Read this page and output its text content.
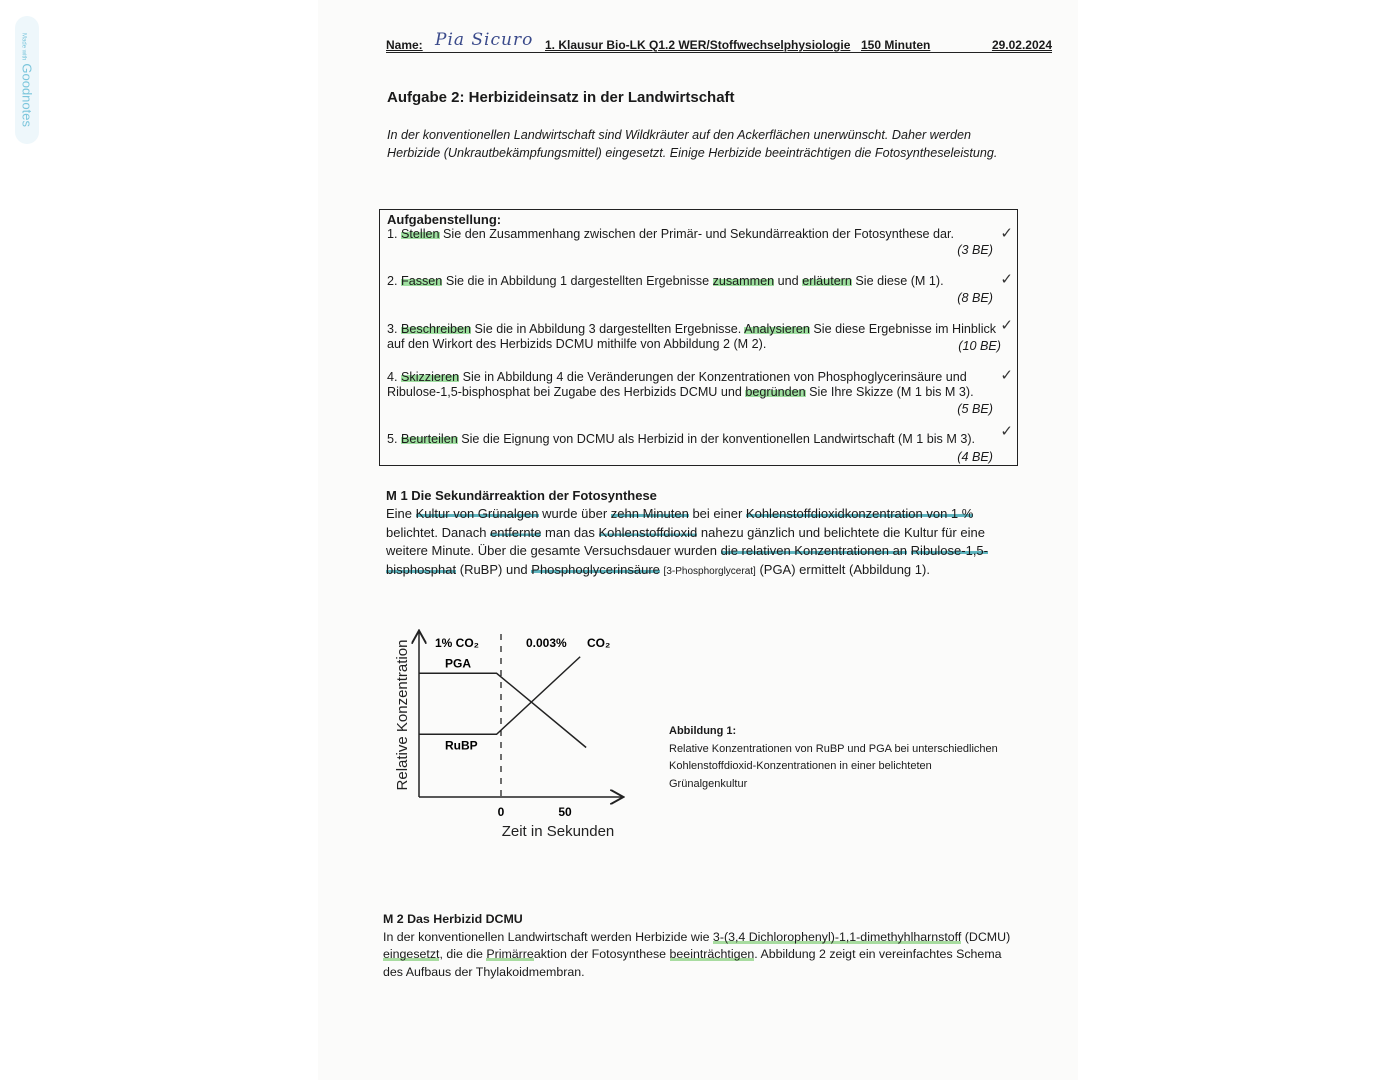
Made withGoodnotes
Name: Pia Sicuro 1. Klausur Bio-LK Q1.2 WER/Stoffwechselphysiologie 150 Minuten	29.02.2024
Aufgabe 2: Herbizideinsatz in der Landwirtschaft
In der konventionellen Landwirtschaft sind Wildkräuter auf den Ackerflächen unerwünscht. Daher werden Herbizide (Unkrautbekämpfungsmittel) eingesetzt. Einige Herbizide beeinträchtigen die Fotosyntheseleistung.
Aufgabenstellung:
1. Stellen Sie den Zusammenhang zwischen der Primär- und Sekundärreaktion der Fotosynthese dar.
(3 BE)
✓
2. Fassen Sie die in Abbildung 1 dargestellten Ergebnisse zusammen und erläutern Sie diese (M 1).
(8 BE)
✓
3. Beschreiben Sie die in Abbildung 3 dargestellten Ergebnisse. Analysieren Sie diese Ergebnisse im Hinblick auf den Wirkort des Herbizids DCMU mithilfe von Abbildung 2 (M 2).	(10 BE)
✓
4. Skizzieren Sie in Abbildung 4 die Veränderungen der Konzentrationen von Phosphoglycerinsäure und Ribulose-1,5-bisphosphat bei Zugabe des Herbizids DCMU und begründen Sie Ihre Skizze (M 1 bis M 3).
(5 BE)
✓
5. Beurteilen Sie die Eignung von DCMU als Herbizid in der konventionellen Landwirtschaft (M 1 bis M 3).
(4 BE)
✓
M 1 Die Sekundärreaktion der Fotosynthese
Eine Kultur von Grünalgen wurde über zehn Minuten bei einer Kohlenstoffdioxidkonzentration von 1 % belichtet. Danach entfernte man das Kohlenstoffdioxid nahezu gänzlich und belichtete die Kultur für eine weitere Minute. Über die gesamte Versuchsdauer wurden die relativen Konzentrationen an Ribulose-1,5-bisphosphat (RuBP) und Phosphoglycerinsäure [3-Phosphorglycerat] (PGA) ermittelt (Abbildung 1).
Relative Konzentration
Zeit in Sekunden
0	50
1% CO₂	0.003% CO₂
PGA
RuBP
Abbildung 1:
Relative Konzentrationen von RuBP und PGA bei unterschiedlichen
Kohlenstoffdioxid-Konzentrationen in einer belichteten
Grünalgenkultur
M 2 Das Herbizid DCMU
In der konventionellen Landwirtschaft werden Herbizide wie 3-(3,4 Dichlorophenyl)-1,1-dimethyhlharnstoff (DCMU) eingesetzt, die die Primärreaktion der Fotosynthese beeinträchtigen. Abbildung 2 zeigt ein vereinfachtes Schema des Aufbaus der Thylakoidmembran.
